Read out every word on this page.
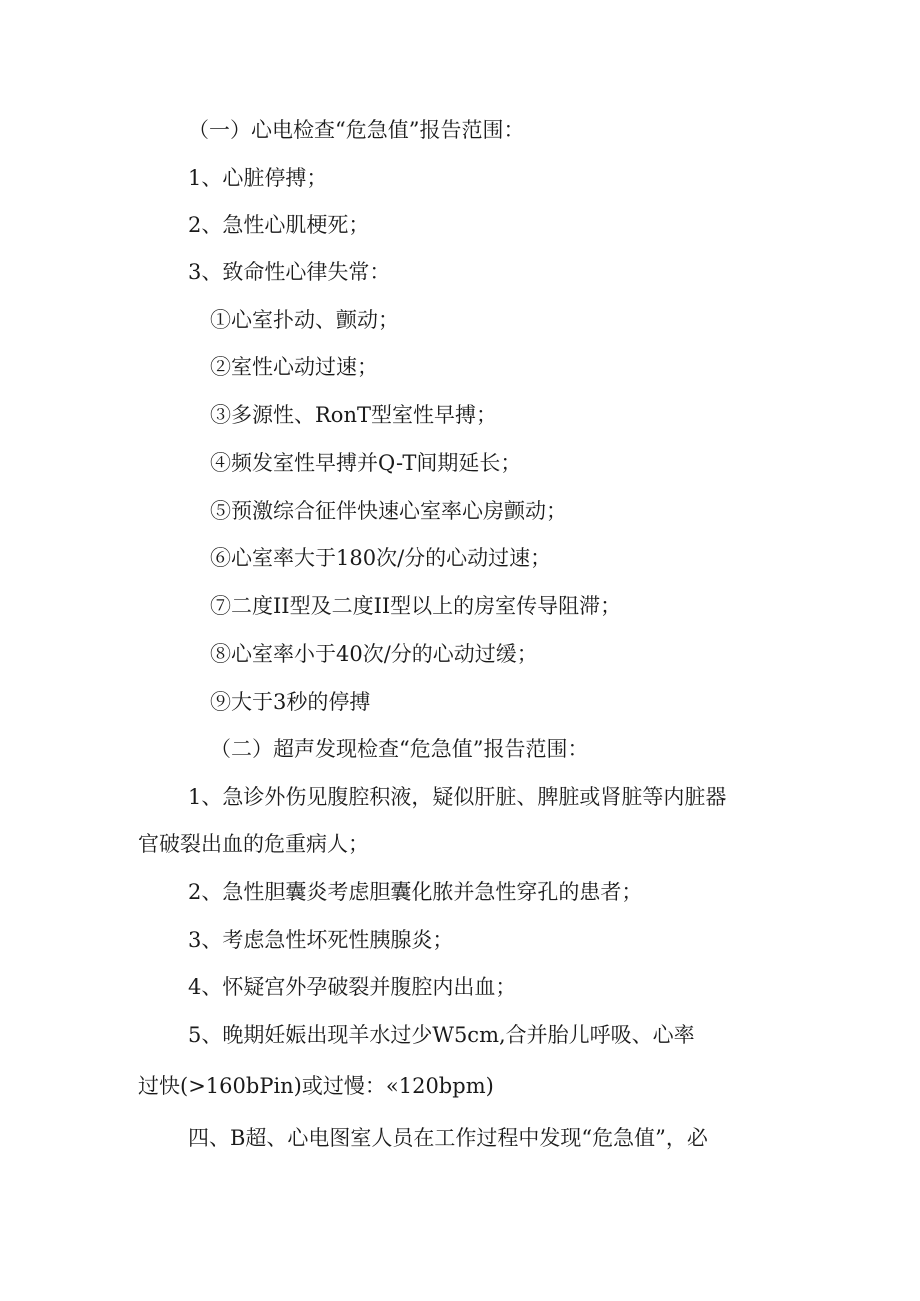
（一）心电检查“危急值”报告范围：

1、心脏停搏；

2、急性心肌梗死；

3、致命性心律失常：

①心室扑动、颤动；

②室性心动过速；

③多源性、RonT型室性早搏；

④频发室性早搏并Q-T间期延长；

⑤预激综合征伴快速心室率心房颤动；

⑥心室率大于180次/分的心动过速；

⑦二度II型及二度II型以上的房室传导阻滞；

⑧心室率小于40次/分的心动过缓；

⑨大于3秒的停搏

（二）超声发现检查“危急值”报告范围：

1、急诊外伤见腹腔积液，疑似肝脏、脾脏或肾脏等内脏器

官破裂出血的危重病人；

2、急性胆囊炎考虑胆囊化脓并急性穿孔的患者；

3、考虑急性坏死性胰腺炎；

4、怀疑宫外孕破裂并腹腔内出血；

5、晚期妊娠出现羊水过少W5cm,合并胎儿呼吸、心率

过快(>160bPin)或过慢：«120bpm)

四、B超、心电图室人员在工作过程中发现“危急值”，必
